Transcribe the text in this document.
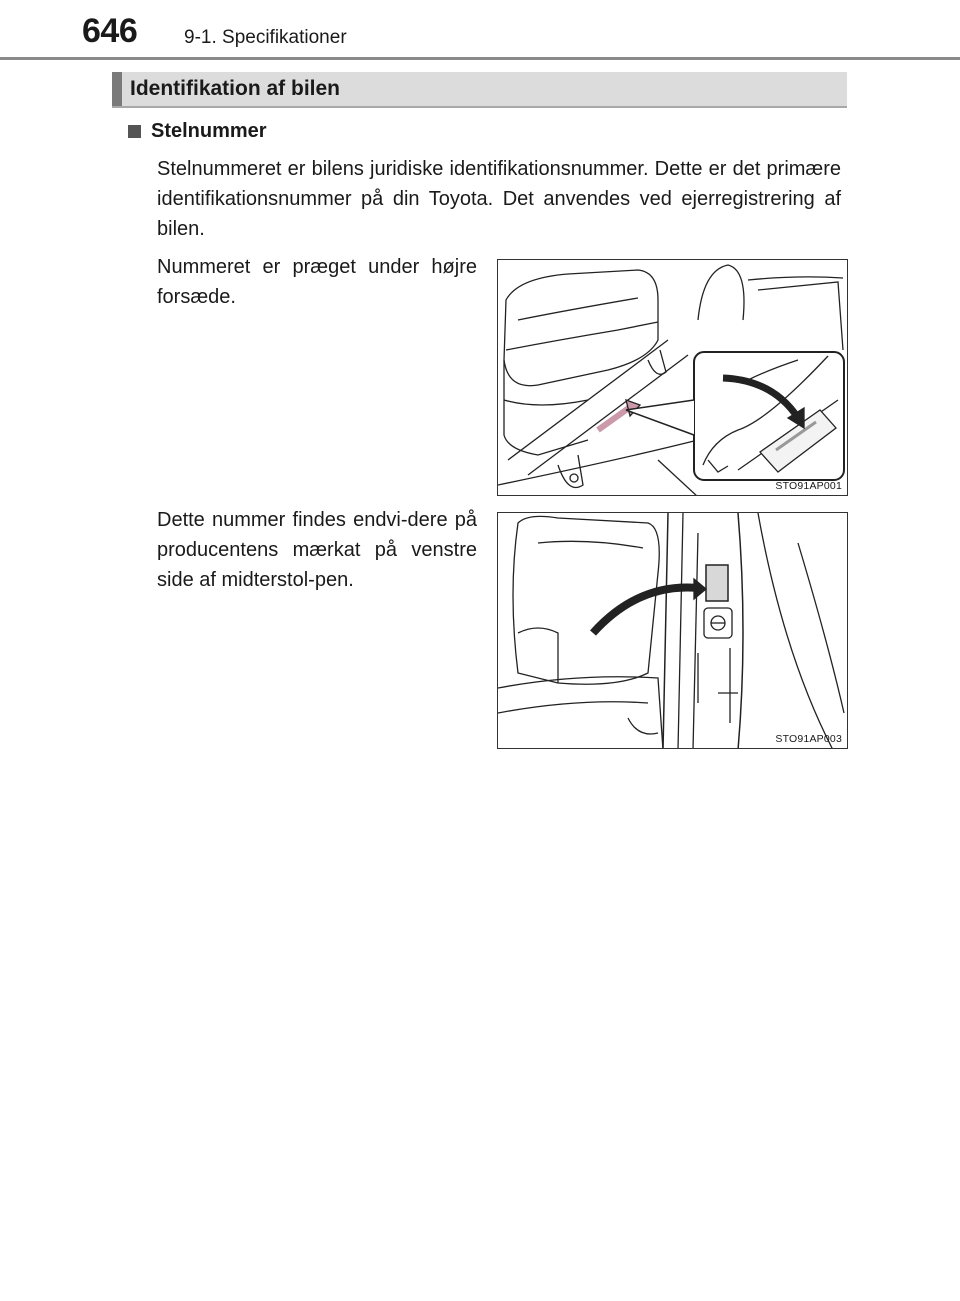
646 9-1. Specifikationer
Identifikation af bilen
Stelnummer
Stelnummeret er bilens juridiske identifikationsnummer. Dette er det primære identifikationsnummer på din Toyota. Det anvendes ved ejerregistrering af bilen.
Nummeret er præget under højre forsæde.
Dette nummer findes endvi-dere på producentens mærkat på venstre side af midterstol-pen.
STO91AP001
STO91AP003
